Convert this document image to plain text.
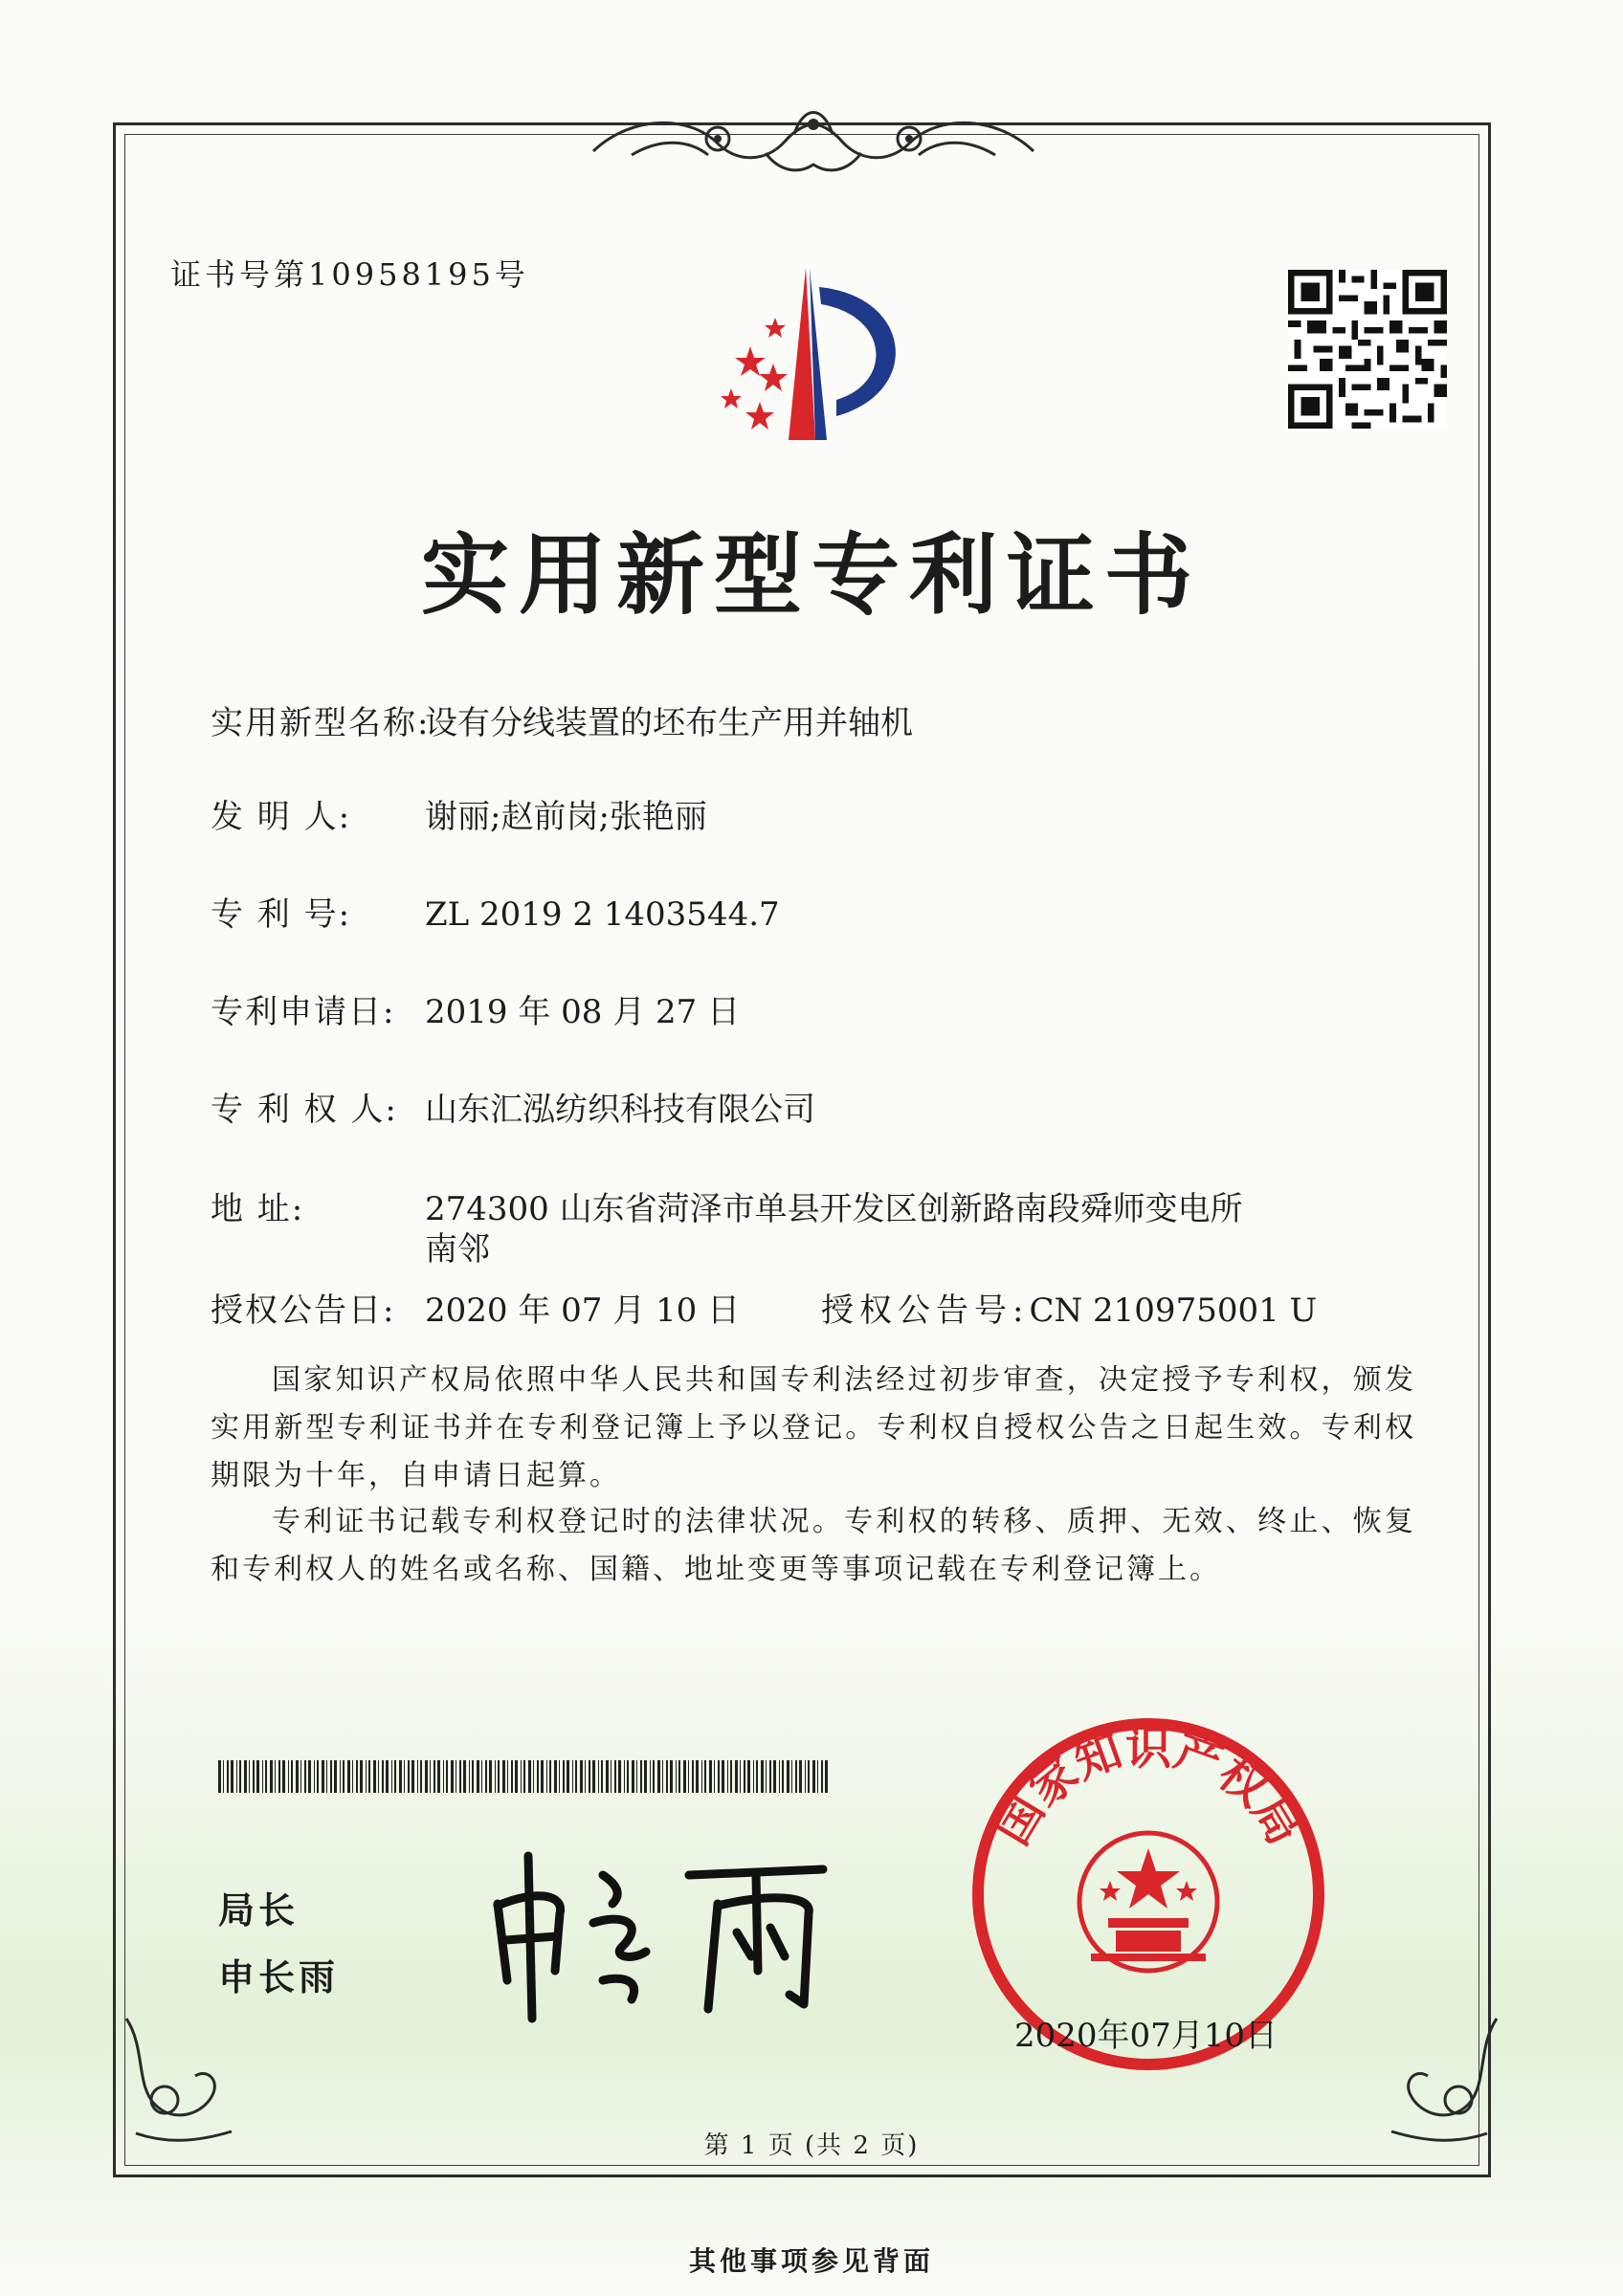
证书号第10958195号
实用新型专利证书
实用新型名称:设有分线装置的坯布生产用并轴机
发 明 人: 谢丽;赵前岗;张艳丽
专 利 号: ZL 2019 2 1403544.7
专利申请日: 2019 年 08 月 27 日
专 利 权 人: 山东汇泓纺织科技有限公司
地 址:	274300 山东省菏泽市单县开发区创新路南段舜师变电所
南邻
授权公告日: 2020 年 07 月 10 日 授权公告号:CN 210975001 U
国家知识产权局依照中华人民共和国专利法经过初步审查，决定授予专利权，颁发实用新型专利证书并在专利登记簿上予以登记。专利权自授权公告之日起生效。专利权期限为十年，自申请日起算。
专利证书记载专利权登记时的法律状况。专利权的转移、质押、无效、终止、恢复和专利权人的姓名或名称、国籍、地址变更等事项记载在专利登记簿上。
局长
申长雨
国家知识产权局
2020年07月10日
第 1 页 (共 2 页)
其他事项参见背面
